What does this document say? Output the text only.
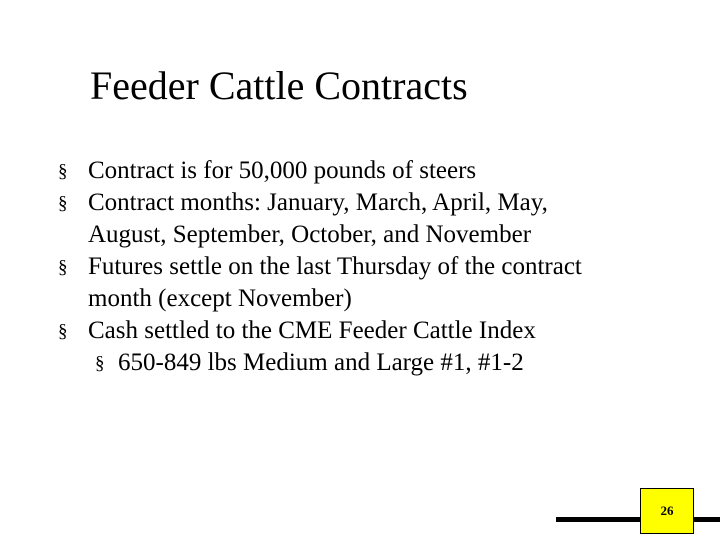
Feeder Cattle Contracts
§ Contract is for 50,000 pounds of steers
§ Contract months: January, March, April, May,
August, September, October, and November
§ Futures settle on the last Thursday of the contract
month (except November)
§ Cash settled to the CME Feeder Cattle Index
§ 650-849 lbs Medium and Large #1, #1-2
26
